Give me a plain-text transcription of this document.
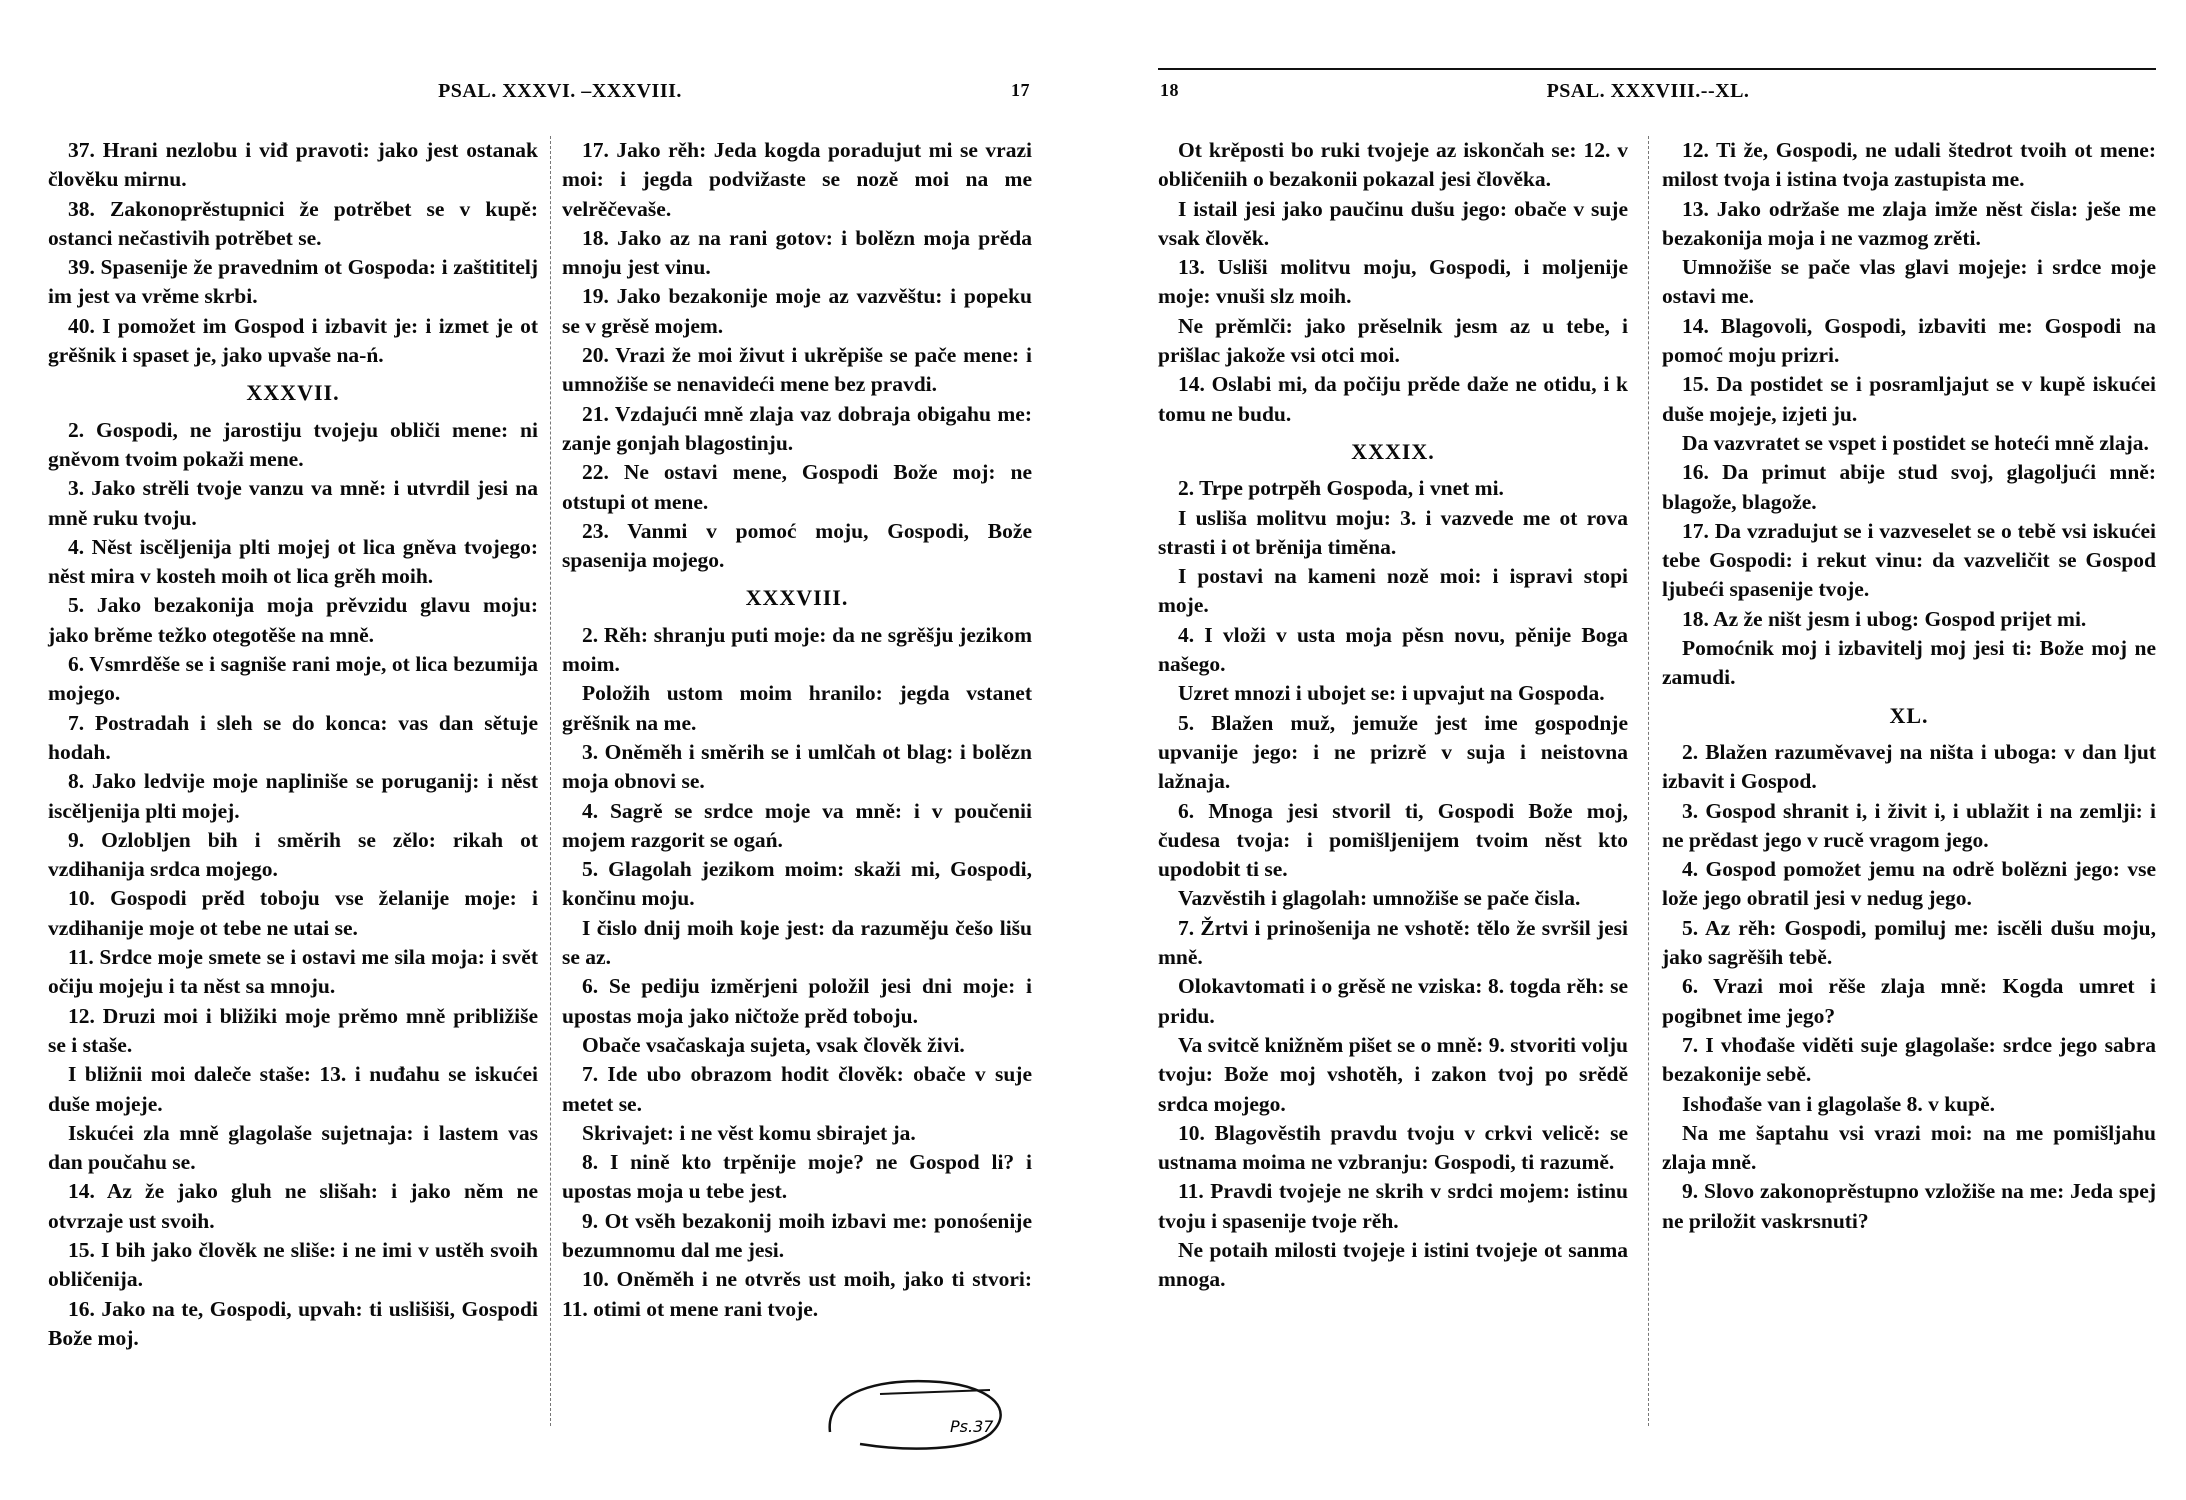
PSAL. XXXVI. –XXXVIII.	17

37. Hrani nezlobu i viđ pravoti: jako jest ostanak člověku mirnu.

38. Zakonoprěstupnici že potrěbet se v kupě: ostanci nečastivih potrěbet se.

39. Spasenije že pravednim ot Gospoda: i zaštititelj im jest va vrěme skrbi.

40. I pomožet im Gospod i izbavit je: i izmet je ot grěšnik i spaset je, jako upvaše na-ń.

XXXVII.

2. Gospodi, ne jarostiju tvojeju obliči mene: ni gněvom tvoim pokaži mene.

3. Jako strěli tvoje vanzu va mně: i utvrdil jesi na mně ruku tvoju.

4. Něst iscěljenija plti mojej ot lica gněva tvojego: něst mira v kosteh moih ot lica grěh moih.

5. Jako bezakonija moja prěvzidu glavu moju: jako brěme težko otegotěše na mně.

6. Vsmrděše se i sagniše rani moje, ot lica bezumija mojego.

7. Postradah i sleh se do konca: vas dan sětuje hodah.

8. Jako ledvije moje napliniše se poruganij: i něst iscěljenija plti mojej.

9. Ozlobljen bih i směrih se zělo: rikah ot vzdihanija srdca mojego.

10. Gospodi prěd toboju vse želanije moje: i vzdihanije moje ot tebe ne utai se.

11. Srdce moje smete se i ostavi me sila moja: i svět očiju mojeju i ta něst sa mnoju.

12. Druzi moi i bližiki moje prěmo mně približiše se i staše.

I bližnii moi daleče staše: 13. i nuđahu se iskućei duše mojeje.

Iskućei zla mně glagolaše sujetnaja: i lastem vas dan poučahu se.

14. Az že jako gluh ne slišah: i jako něm ne otvrzaje ust svoih.

15. I bih jako člověk ne sliše: i ne imi v ustěh svoih obličenija.

16. Jako na te, Gospodi, upvah: ti uslišiši, Gospodi Bože moj.

17. Jako rěh: Jeda kogda poradujut mi se vrazi moi: i jegda podvižaste se nozě moi na me velrěčevaše.

18. Jako az na rani gotov: i bolězn moja prěda mnoju jest vinu.

19. Jako bezakonije moje az vazvěštu: i popeku se v grěsě mojem.

20. Vrazi že moi živut i ukrěpiše se pače mene: i umnožiše se nenavideći mene bez pravdi.

21. Vzdajući mně zlaja vaz dobraja obigahu me: zanje gonjah blagostinju.

22. Ne ostavi mene, Gospodi Bože moj: ne otstupi ot mene.

23. Vanmi v pomoć moju, Gospodi, Bože spasenija mojego.

XXXVIII.

2. Rěh: shranju puti moje: da ne sgrěšju jezikom moim.

Položih ustom moim hranilo: jegda vstanet grěšnik na me.

3. Oněměh i směrih se i umlčah ot blag: i bolězn moja obnovi se.

4. Sagrě se srdce moje va mně: i v poučenii mojem razgorit se ogań.

5. Glagolah jezikom moim: skaži mi, Gospodi, končinu moju.

I čislo dnij moih koje jest: da razuměju češo lišu se az.

6. Se pediju izměrjeni položil jesi dni moje: i upostas moja jako ničtože prěd toboju.

Obače vsačaskaja sujeta, vsak člověk živi.

7. Ide ubo obrazom hodit člověk: obače v suje metet se.

Skrivajet: i ne věst komu sbirajet ja.

8. I nině kto trpěnije moje? ne Gospod li? i upostas moja u tebe jest.

9. Ot vsěh bezakonij moih izbavi me: ponośenije bezumnomu dal me jesi.

10. Oněměh i ne otvrěs ust moih, jako ti stvori: 11. otimi ot mene rani tvoje.

Ps.37
18	PSAL. XXXVIII.--XL.

Ot krěposti bo ruki tvojeje az iskončah se: 12. v obličeniih o bezakonii pokazal jesi člověka.

I istail jesi jako paučinu dušu jego: obače v suje vsak člověk.

13. Usliši molitvu moju, Gospodi, i moljenije moje: vnuši slz moih.

Ne prěmlči: jako prěselnik jesm az u tebe, i prišlac jakože vsi otci moi.

14. Oslabi mi, da počiju prěde daže ne otidu, i k tomu ne budu.

XXXIX.

2. Trpe potrpěh Gospoda, i vnet mi.

I usliša molitvu moju: 3. i vazvede me ot rova strasti i ot brěnija timěna.

I postavi na kameni nozě moi: i ispravi stopi moje.

4. I vloži v usta moja pěsn novu, pěnije Boga našego.

Uzret mnozi i ubojet se: i upvajut na Gospoda.

5. Blažen muž, jemuže jest ime gospodnje upvanije jego: i ne prizrě v suja i neistovna lažnaja.

6. Mnoga jesi stvoril ti, Gospodi Bože moj, čudesa tvoja: i pomišljenijem tvoim něst kto upodobit ti se.

Vazvěstih i glagolah: umnožiše se pače čisla.

7. Žrtvi i prinošenija ne vshotě: tělo že svršil jesi mně.

Olokavtomati i o grěsě ne vziska: 8. togda rěh: se pridu.

Va svitcě knižněm pišet se o mně: 9. stvoriti volju tvoju: Bože moj vshotěh, i zakon tvoj po srědě srdca mojego.

10. Blagověstih pravdu tvoju v crkvi velicě: se ustnama moima ne vzbranju: Gospodi, ti razumě.

11. Pravdi tvojeje ne skrih v srdci mojem: istinu tvoju i spasenije tvoje rěh.

Ne potaih milosti tvojeje i istini tvojeje ot sanma mnoga.

12. Ti že, Gospodi, ne udali štedrot tvoih ot mene: milost tvoja i istina tvoja zastupista me.

13. Jako održaše me zlaja imže něst čisla: ješe me bezakonija moja i ne vazmog zrěti.

Umnožiše se pače vlas glavi mojeje: i srdce moje ostavi me.

14. Blagovoli, Gospodi, izbaviti me: Gospodi na pomoć moju prizri.

15. Da postidet se i posramljajut se v kupě iskućei duše mojeje, izjeti ju.

Da vazvratet se vspet i postidet se hoteći mně zlaja.

16. Da primut abije stud svoj, glagoljući mně: blagože, blagože.

17. Da vzradujut se i vazveselet se o tebě vsi iskućei tebe Gospodi: i rekut vinu: da vazveličit se Gospod ljubeći spasenije tvoje.

18. Az že ništ jesm i ubog: Gospod prijet mi.

Pomoćnik moj i izbavitelj moj jesi ti: Bože moj ne zamudi.

XL.

2. Blažen razuměvavej na ništa i uboga: v dan ljut izbavit i Gospod.

3. Gospod shranit i, i živit i, i ublažit i na zemlji: i ne prědast jego v rucě vragom jego.

4. Gospod pomožet jemu na odrě bolězni jego: vse lože jego obratil jesi v nedug jego.

5. Az rěh: Gospodi, pomiluj me: iscěli dušu moju, jako sagrěših tebě.

6. Vrazi moi rěše zlaja mně: Kogda umret i pogibnet ime jego?

7. I vhođaše viděti suje glagolaše: srdce jego sabra bezakonije sebě.

Ishođaše van i glagolaše 8. v kupě.

Na me šaptahu vsi vrazi moi: na me pomišljahu zlaja mně.

9. Slovo zakonoprěstupno vzložiše na me: Jeda spej ne priložit vaskrsnuti?
